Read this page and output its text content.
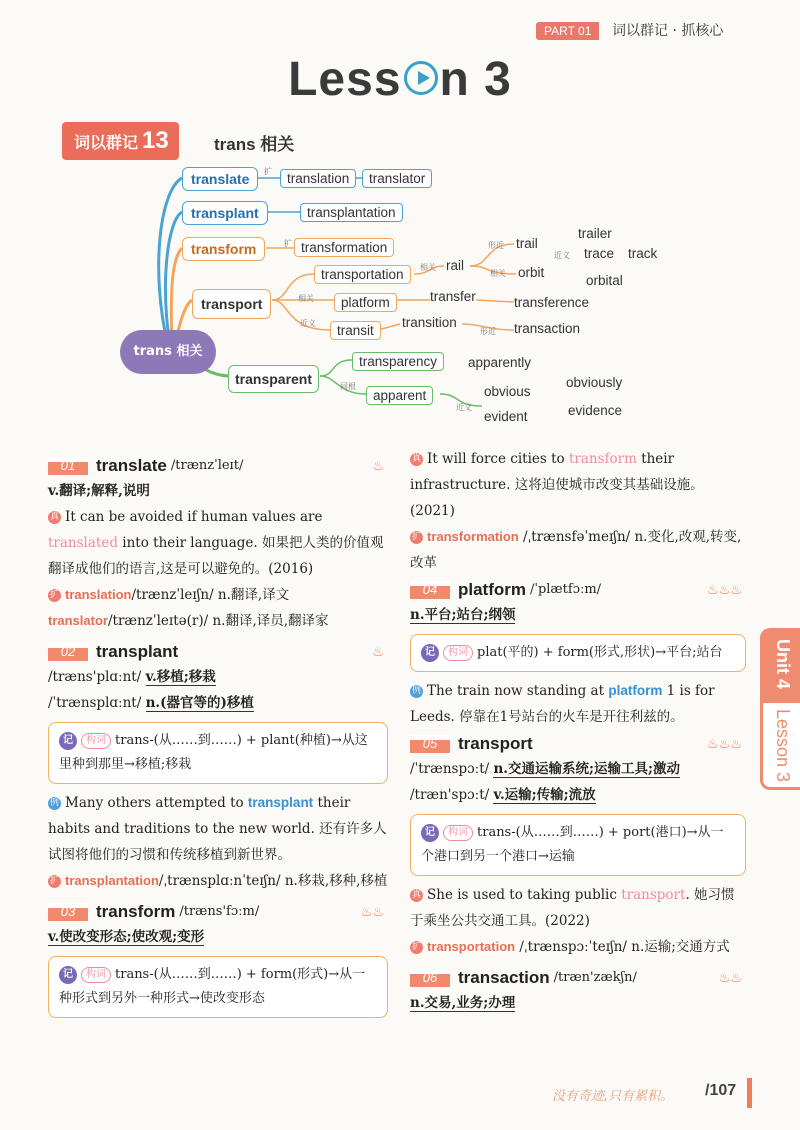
PART 01	词以群记 · 抓核心
Less n 3
词以群记 13	trans 相关
translate	translation	translator
transplant	transplantation
transform	transformation
transport
transportation
platform
transit
rail
trail
trailer
trace track
orbit
orbital
transfer	transference
transition	transaction
transparent
transparency
apparent
apparently
obvious
obviously
evident	evidence
扩
扩
相关
近义
相关
形近
近义
相关
形近
同根
近义
trans 相关
01 translate /trænzˈleɪt/	♨
v.翻译;解释,说明
真 It can be avoided if human values are translated into their language. 如果把人类的价值观翻译成他们的语言,这是可以避免的。(2016)
扩 translation/trænzˈleɪʃn/ n.翻译,译文
translator/trænzˈleɪtə(r)/ n.翻译,译员,翻译家
02 transplant	♨
/træns'plɑːnt/ v.移植;移栽
/ˈtrænsplɑːnt/ n.(器官等的)移植
记 构词 trans-(从……到……) + plant(种植)→从这里种到那里→移植;移栽
例 Many others attempted to transplant their habits and traditions to the new world. 还有许多人试图将他们的习惯和传统移植到新世界。
扩 transplantation/ˌtrænsplɑːnˈteɪʃn/ n.移栽,移种,移植
03 transform /træns'fɔːm/	♨♨
v.使改变形态;使改观;变形
记 构词 trans-(从……到……) + form(形式)→从一种形式到另外一种形式→使改变形态
真 It will force cities to transform their infrastructure. 这将迫使城市改变其基础设施。(2021)
扩 transformation /ˌtrænsfəˈmeɪʃn/ n.变化,改观,转变,改革
04 platform /ˈplætfɔːm/	♨♨♨
n.平台;站台;纲领
记 构词 plat(平的) + form(形式,形状)→平台;站台
例 The train now standing at platform 1 is for Leeds. 停靠在1号站台的火车是开往利兹的。
05 transport	♨♨♨
/ˈtrænspɔːt/ n.交通运输系统;运输工具;激动
/træn'spɔːt/ v.运输;传输;流放
记 构词 trans-(从……到……) + port(港口)→从一个港口到另一个港口→运输
真 She is used to taking public transport. 她习惯于乘坐公共交通工具。(2022)
扩 transportation /ˌtrænspɔːˈteɪʃn/ n.运输;交通方式
06 transaction /træn'zækʃn/	♨♨
n.交易,业务;办理
Unit 4
Lesson 3
没有奇迹,只有累积。 /107
